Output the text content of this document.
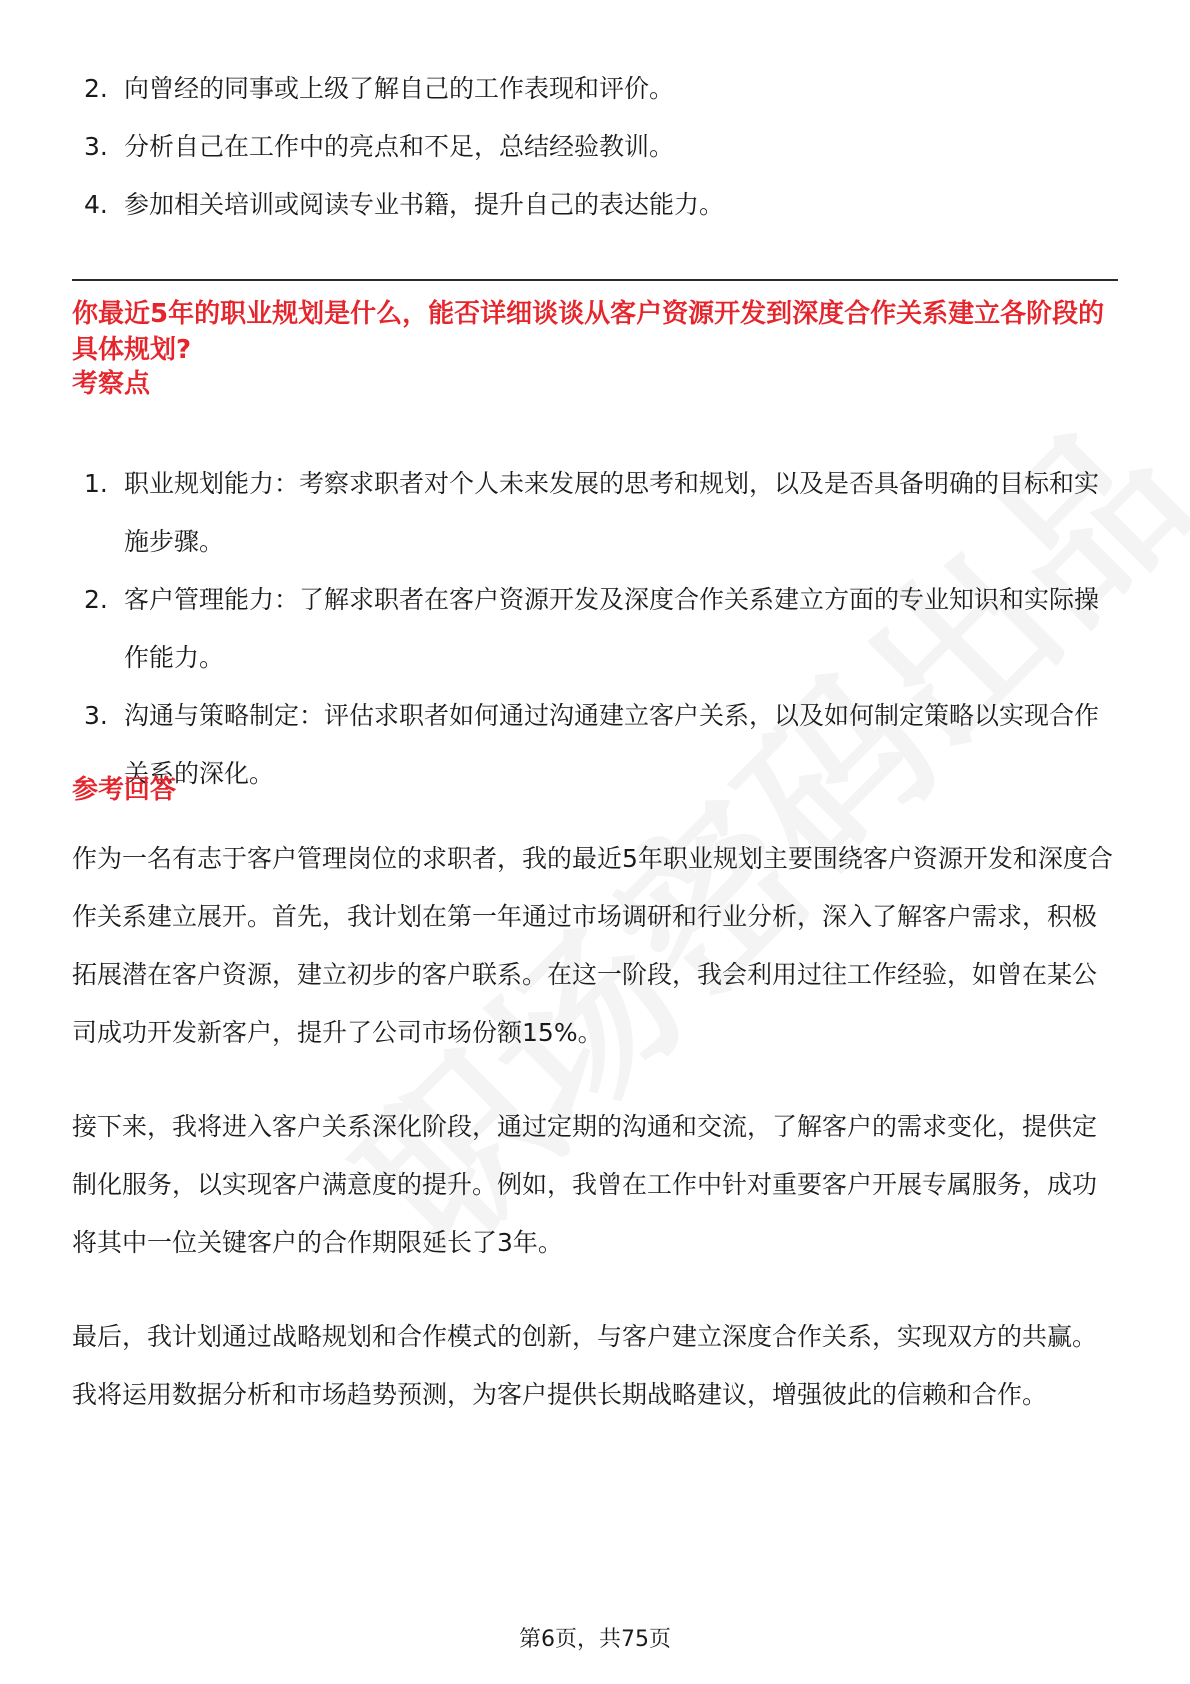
2. 向曾经的同事或上级了解自己的工作表现和评价。
3. 分析自己在工作中的亮点和不足，总结经验教训。
4. 参加相关培训或阅读专业书籍，提升自己的表达能力。
你最近5年的职业规划是什么，能否详细谈谈从客户资源开发到深度合作关系建立各阶段的具体规划?
考察点
1. 职业规划能力：考察求职者对个人未来发展的思考和规划，以及是否具备明确的目标和实施步骤。
2. 客户管理能力：了解求职者在客户资源开发及深度合作关系建立方面的专业知识和实际操作能力。
3. 沟通与策略制定：评估求职者如何通过沟通建立客户关系，以及如何制定策略以实现合作关系的深化。
参考回答

作为一名有志于客户管理岗位的求职者，我的最近5年职业规划主要围绕客户资源开发和深度合作关系建立展开。首先，我计划在第一年通过市场调研和行业分析，深入了解客户需求，积极拓展潜在客户资源，建立初步的客户联系。在这一阶段，我会利用过往工作经验，如曾在某公司成功开发新客户，提升了公司市场份额15%。

接下来，我将进入客户关系深化阶段，通过定期的沟通和交流，了解客户的需求变化，提供定制化服务，以实现客户满意度的提升。例如，我曾在工作中针对重要客户开展专属服务，成功将其中一位关键客户的合作期限延长了3年。

最后，我计划通过战略规划和合作模式的创新，与客户建立深度合作关系，实现双方的共赢。我将运用数据分析和市场趋势预测，为客户提供长期战略建议，增强彼此的信赖和合作。

第6页，共75页
